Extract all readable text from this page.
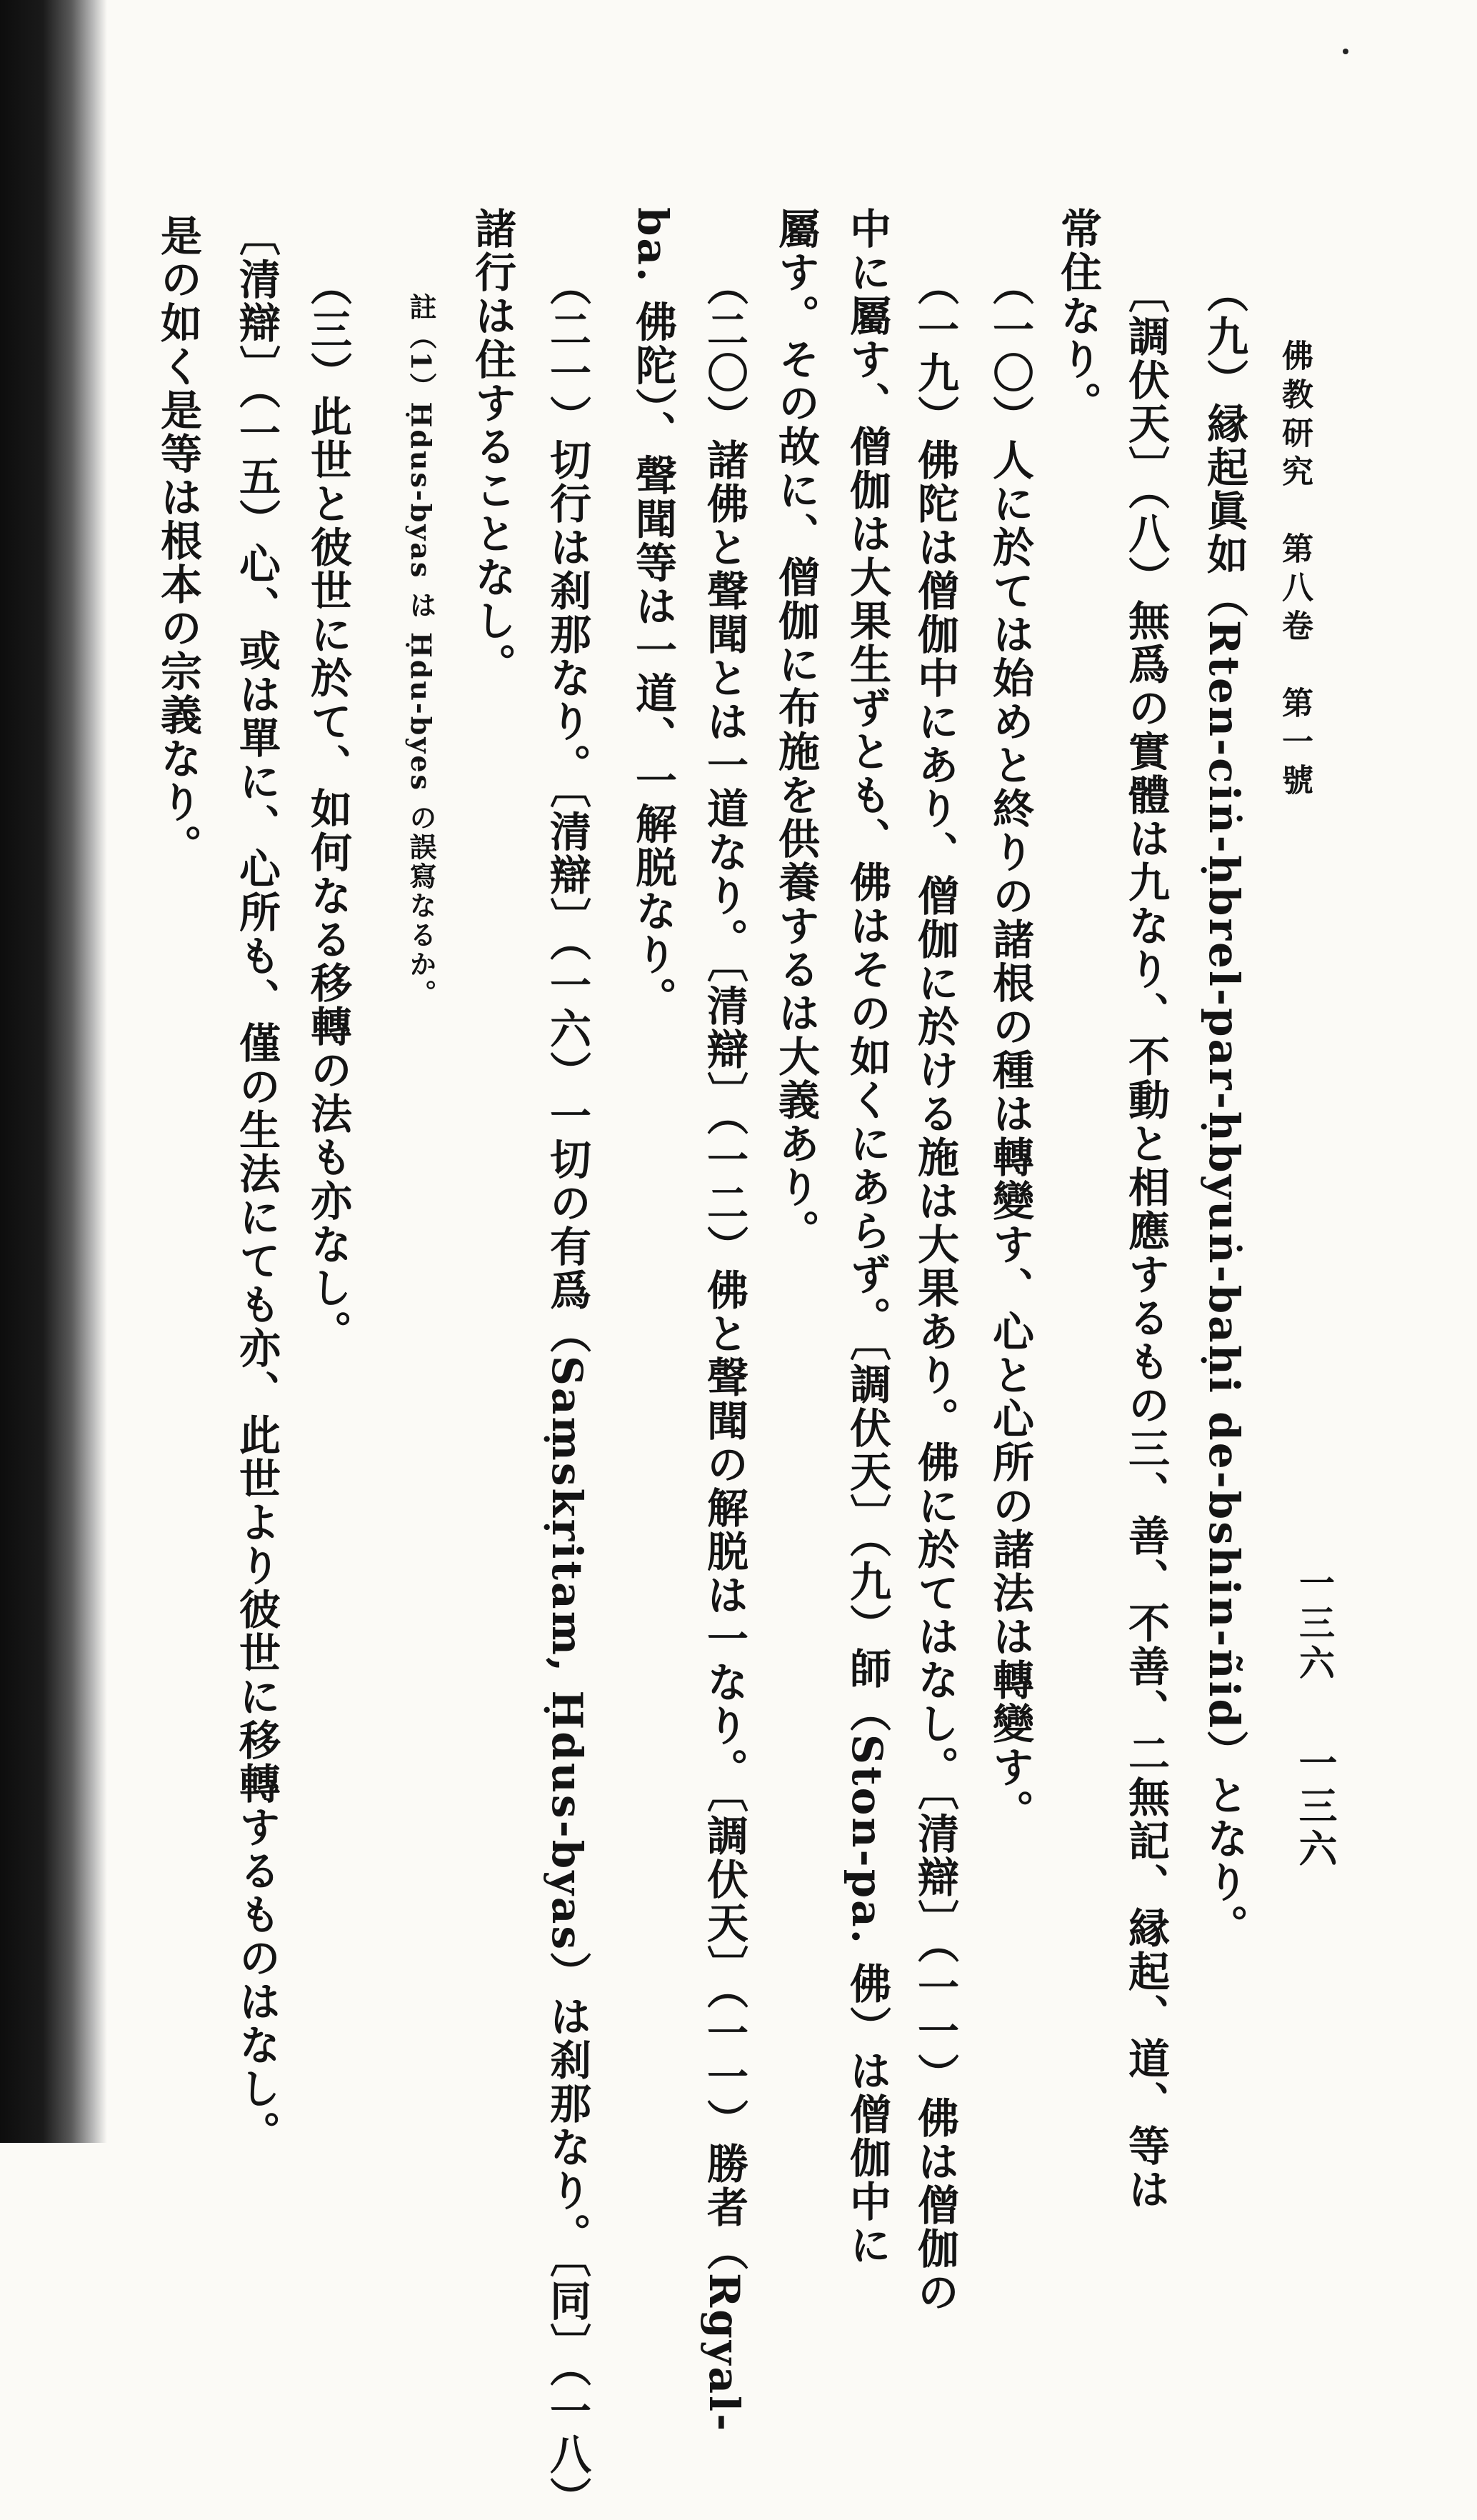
佛教研究　第八卷　第一號
一三六
一三六
（九）縁起眞如（Rten-ciṅ-ḥbrel-par-ḥbyuṅ-baḥi de-bshin-ñid）となり。
〔調伏天〕（八）無爲の實體は九なり、不動と相應するもの三、善、不善、二無記、縁起、道、等は
常住なり。
（一〇）人に於ては始めと終りの諸根の種は轉變す、心と心所の諸法は轉變す。
（一九）佛陀は僧伽中にあり、僧伽に於ける施は大果あり。佛に於てはなし。〔清辯〕（一一）佛は僧伽の
中に屬す、僧伽は大果生ずとも、佛はその如くにあらず。〔調伏天〕（九）師（Ston-pa. 佛）は僧伽中に
屬す。その故に、僧伽に布施を供養するは大義あり。
（二〇）諸佛と聲聞とは一道なり。〔清辯〕（一二）佛と聲聞の解脱は一なり。〔調伏天〕（一一）勝者（Rgyal-
ba. 佛陀）、聲聞等は一道、一解脱なり。
（二一）切行は刹那なり。〔清辯〕（一六）一切の有爲（Saṃskṛitam, Ḥdus-byas）は刹那なり。〔同〕（一八）
諸行は住することなし。
註（1）Ḥdus-byas は Ḥdu-byes の誤寫なるか。
（三）此世と彼世に於て、如何なる移轉の法も亦なし。
〔清辯〕（一五）心、或は單に、心所も、僅の生法にても亦、此世より彼世に移轉するものはなし。
是の如く是等は根本の宗義なり。
